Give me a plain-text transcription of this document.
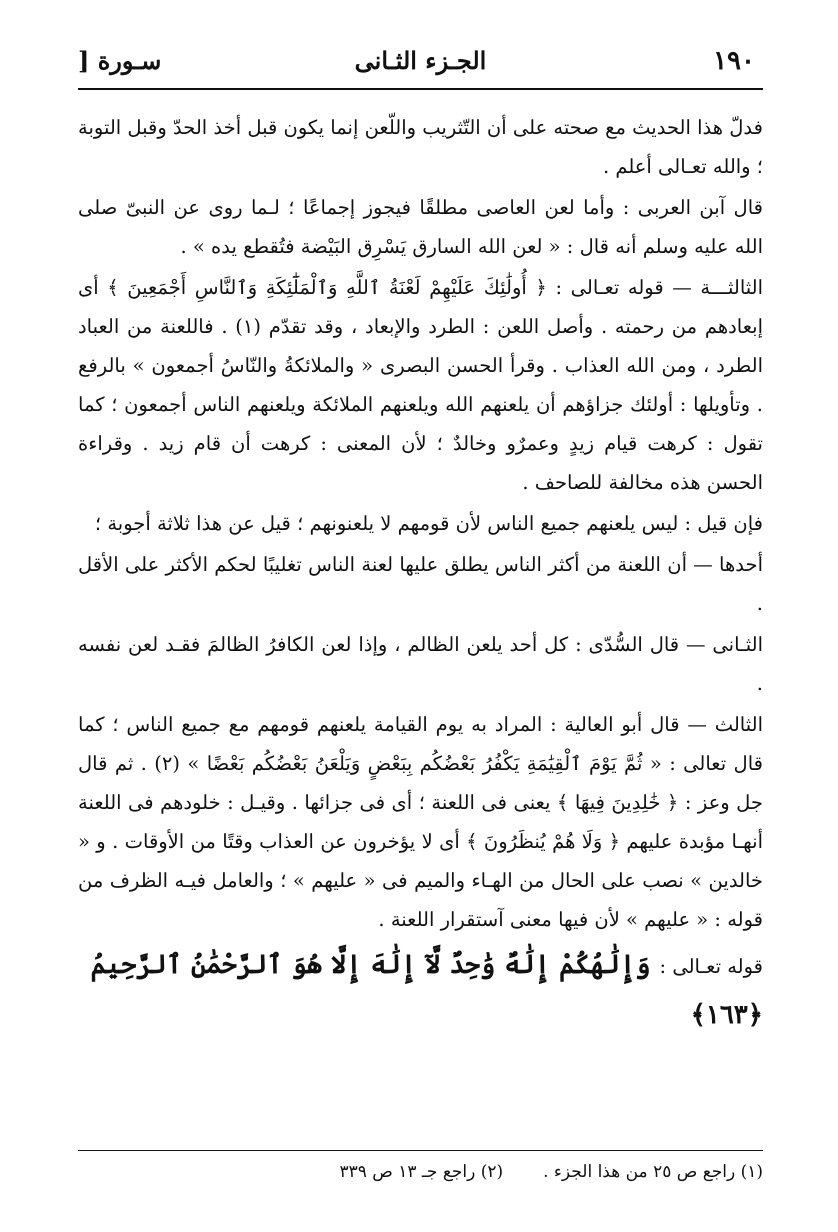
١٩٠
الجـزء الثـانى
سـورة [

فدلّ هذا الحديث مع صحته على أن التّثريب واللّعن إنما يكون قبل أخذ الحدّ وقبل التوبة ؛ والله تعـالى أعلم .

قال آبن العربى : وأما لعن العاصى مطلقًا فيجوز إجماعًا ؛ لـما روى عن النبىّ صلى الله عليه وسلم أنه قال : « لعن الله السارق يَسْرِق البَيْضة فتُقطع يده » .

الثالثـــة — قوله تعـالى : ﴿ أُولَٰئِكَ عَلَيْهِمْ لَعْنَةُ ٱللَّهِ وَٱلْمَلَٰٓئِكَةِ وَٱلنَّاسِ أَجْمَعِينَ ﴾ أى إبعادهم من رحمته . وأصل اللعن : الطرد والإبعاد ، وقد تقدّم (١) . فاللعنة من العباد الطرد ، ومن الله العذاب . وقرأ الحسن البصرى « والملائكةُ والنّاسُ أجمعون » بالرفع . وتأويلها : أولئك جزاؤهم أن يلعنهم الله ويلعنهم الملائكة ويلعنهم الناس أجمعون ؛ كما تقول : كرهت قيام زيدٍ وعمرٌو وخالدٌ ؛ لأن المعنى : كرهت أن قام زيد . وقراءة الحسن هذه مخالفة للصاحف .

فإن قيل : ليس يلعنهم جميع الناس لأن قومهم لا يلعنونهم ؛ قيل عن هذا ثلاثة أجوبة ؛

أحدها — أن اللعنة من أكثر الناس يطلق عليها لعنة الناس تغليبًا لحكم الأكثر على الأقل .

الثـانى — قال السُّدّى : كل أحد يلعن الظالم ، وإذا لعن الكافرُ الظالمَ فقـد لعن نفسه .

الثالث — قال أبو العالية : المراد به يوم القيامة يلعنهم قومهم مع جميع الناس ؛ كما قال تعالى : « ثُمَّ يَوْمَ ٱلْقِيَٰمَةِ يَكْفُرُ بَعْضُكُم بِبَعْضٍ وَيَلْعَنُ بَعْضُكُم بَعْضًا » (٢) . ثم قال جل وعز : ﴿ خَٰلِدِينَ فِيهَا ﴾ يعنى فى اللعنة ؛ أى فى جزائها . وقيـل : خلودهم فى اللعنة أنهـا مؤبدة عليهم ﴿ وَلَا هُمْ يُنظَرُونَ ﴾ أى لا يؤخرون عن العذاب وقتًا من الأوقات . و « خالدين » نصب على الحال من الهـاء والميم فى « عليهم » ؛ والعامل فيـه الظرف من قوله : « عليهم » لأن فيها معنى آستقرار اللعنة .

قوله تعـالى : وَإِلَٰهُكُمْ إِلَٰهٌ وَٰحِدٌ لَّآ إِلَٰهَ إِلَّا هُوَ ٱلرَّحْمَٰنُ ٱلرَّحِيمُ ﴿١٦٣﴾

(١) راجع ص ٢٥ من هذا الجزء .
(٢) راجع جـ ١٣ ص ٣٣٩
